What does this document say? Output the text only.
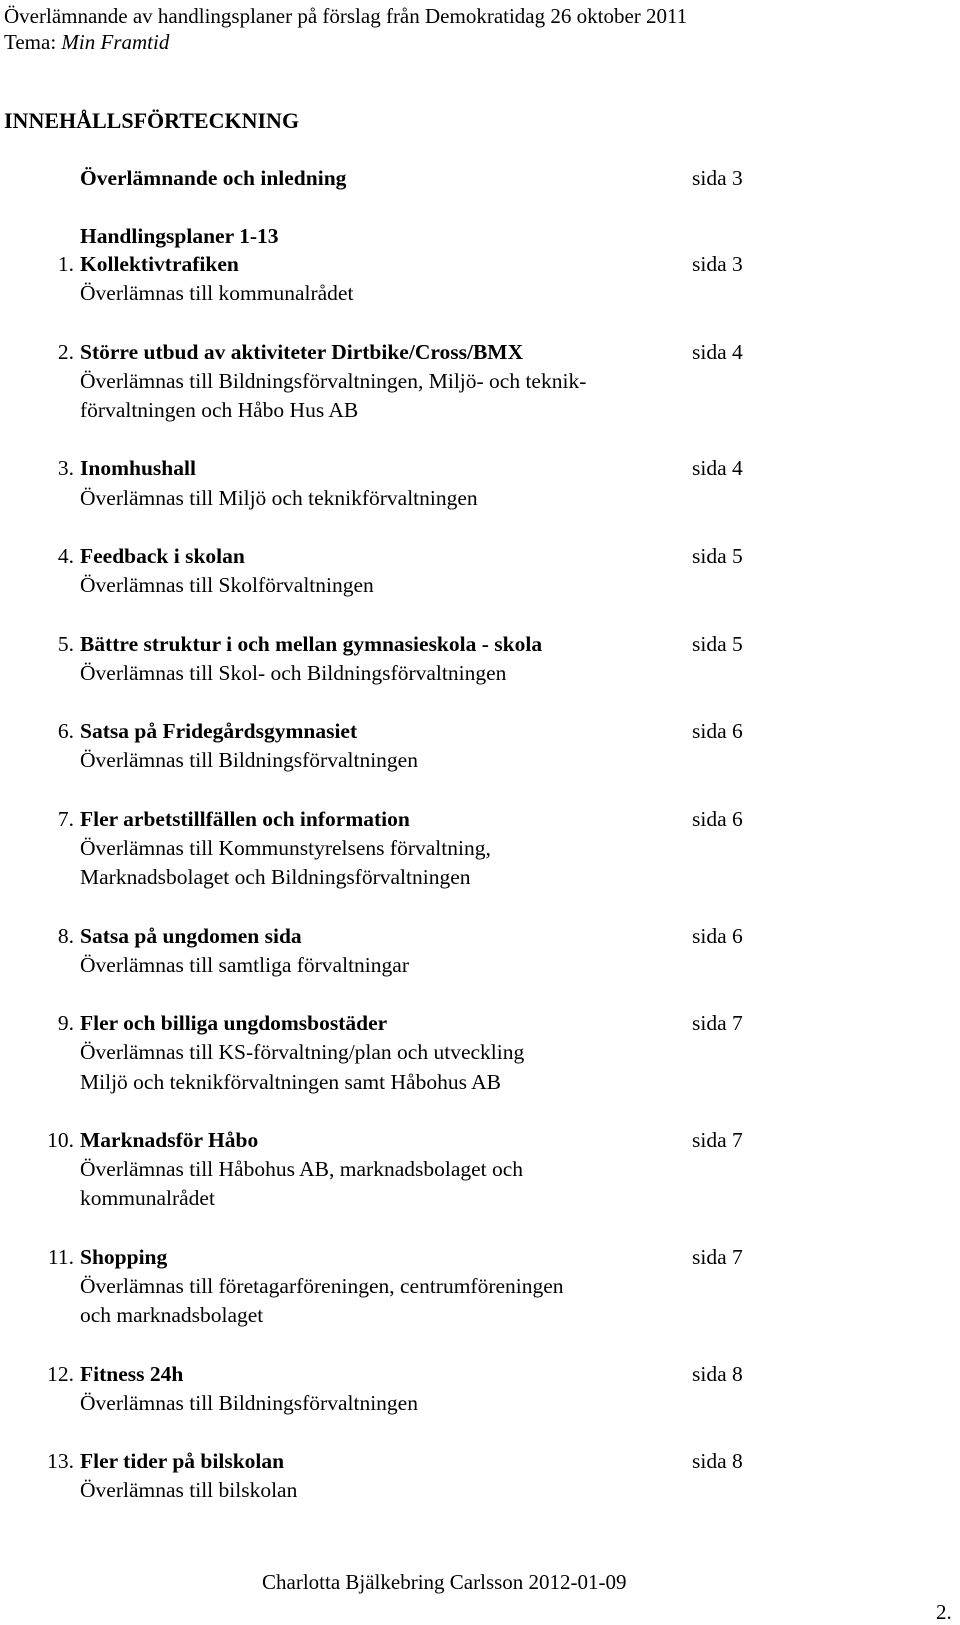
Överlämnande av handlingsplaner på förslag från Demokratidag 26 oktober 2011
Tema: Min Framtid
INNEHÅLLSFÖRTECKNING
Överlämnande och inledning	sida 3
Handlingsplaner 1-13
1. Kollektivtrafiken	sida 3
Överlämnas till kommunalrådet
2. Större utbud av aktiviteter Dirtbike/Cross/BMX	sida 4
Överlämnas till Bildningsförvaltningen, Miljö- och teknik-
förvaltningen och Håbo Hus AB
3. Inomhushall	sida 4
Överlämnas till Miljö och teknikförvaltningen
4. Feedback i skolan	sida 5
Överlämnas till Skolförvaltningen
5. Bättre struktur i och mellan gymnasieskola - skola	sida 5
Överlämnas till Skol- och Bildningsförvaltningen
6. Satsa på Fridegårdsgymnasiet	sida 6
Överlämnas till Bildningsförvaltningen
7. Fler arbetstillfällen och information	sida 6
Överlämnas till Kommunstyrelsens förvaltning,
Marknadsbolaget och Bildningsförvaltningen
8. Satsa på ungdomen sida	sida 6
Överlämnas till samtliga förvaltningar
9. Fler och billiga ungdomsbostäder	sida 7
Överlämnas till KS-förvaltning/plan och utveckling
Miljö och teknikförvaltningen samt Håbohus AB
10. Marknadsför Håbo	sida 7
Överlämnas till Håbohus AB, marknadsbolaget och
kommunalrådet
11. Shopping	sida 7
Överlämnas till företagarföreningen, centrumföreningen
och marknadsbolaget
12. Fitness 24h	sida 8
Överlämnas till Bildningsförvaltningen
13. Fler tider på bilskolan	sida 8
Överlämnas till bilskolan
Charlotta Bjälkebring Carlsson 2012-01-09
2.
